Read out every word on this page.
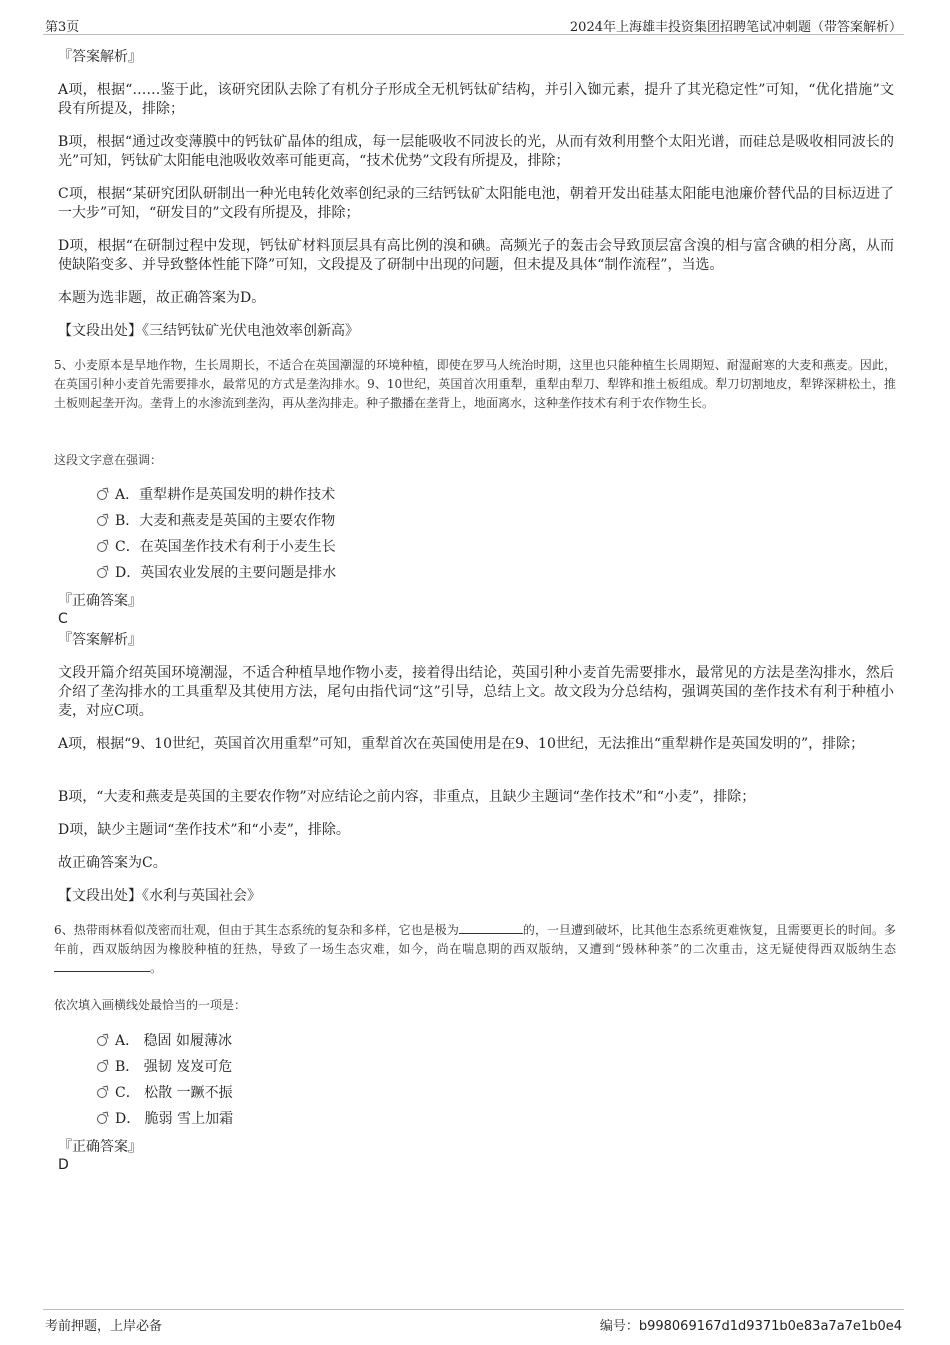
第3页	2024年上海雄丰投资集团招聘笔试冲刺题（带答案解析）
『答案解析』
A项，根据“……鉴于此，该研究团队去除了有机分子形成全无机钙钛矿结构，并引入铷元素，提升了其光稳定性”可知，“优化措施”文段有所提及，排除；
B项，根据“通过改变薄膜中的钙钛矿晶体的组成，每一层能吸收不同波长的光，从而有效利用整个太阳光谱，而硅总是吸收相同波长的光”可知，钙钛矿太阳能电池吸收效率可能更高，“技术优势”文段有所提及，排除；
C项，根据“某研究团队研制出一种光电转化效率创纪录的三结钙钛矿太阳能电池，朝着开发出硅基太阳能电池廉价替代品的目标迈进了一大步”可知，“研发目的”文段有所提及，排除；
D项，根据“在研制过程中发现，钙钛矿材料顶层具有高比例的溴和碘。高频光子的轰击会导致顶层富含溴的相与富含碘的相分离，从而使缺陷变多、并导致整体性能下降”可知，文段提及了研制中出现的问题，但未提及具体“制作流程”，当选。
本题为选非题，故正确答案为D。
【文段出处】《三结钙钛矿光伏电池效率创新高》
5、小麦原本是旱地作物，生长周期长，不适合在英国潮湿的环境种植，即使在罗马人统治时期，这里也只能种植生长周期短、耐湿耐寒的大麦和燕麦。因此，在英国引种小麦首先需要排水，最常见的方式是垄沟排水。9、10世纪，英国首次用重犁，重犁由犁刀、犁铧和推土板组成。犁刀切割地皮，犁铧深耕松土，推土板则起垄开沟。垄背上的水渗流到垄沟，再从垄沟排走。种子撒播在垄背上，地面离水，这种垄作技术有利于农作物生长。
这段文字意在强调：
A．重犁耕作是英国发明的耕作技术
B．大麦和燕麦是英国的主要农作物
C．在英国垄作技术有利于小麦生长
D．英国农业发展的主要问题是排水
『正确答案』
C
『答案解析』
文段开篇介绍英国环境潮湿，不适合种植旱地作物小麦，接着得出结论，英国引种小麦首先需要排水，最常见的方法是垄沟排水，然后介绍了垄沟排水的工具重犁及其使用方法，尾句由指代词“这”引导，总结上文。故文段为分总结构，强调英国的垄作技术有利于种植小麦，对应C项。
A项，根据“9、10世纪，英国首次用重犁”可知，重犁首次在英国使用是在9、10世纪，无法推出“重犁耕作是英国发明的”，排除；
B项，“大麦和燕麦是英国的主要农作物”对应结论之前内容，非重点，且缺少主题词“垄作技术”和“小麦”，排除；
D项，缺少主题词“垄作技术”和“小麦”，排除。
故正确答案为C。
【文段出处】《水利与英国社会》
6、热带雨林看似茂密而壮观，但由于其生态系统的复杂和多样，它也是极为	的，一旦遭到破坏，比其他生态系统更难恢复，且需要更长的时间。多年前，西双版纳因为橡胶种植的狂热，导致了一场生态灾难，如今，尚在喘息期的西双版纳，又遭到“毁林种茶”的二次重击，这无疑使得西双版纳生态。
依次填入画横线处最恰当的一项是：
A． 稳固 如履薄冰
B． 强韧 岌岌可危
C． 松散 一蹶不振
D． 脆弱 雪上加霜
『正确答案』
D
考前押题，上岸必备	编号：b998069167d1d9371b0e83a7a7e1b0e4
